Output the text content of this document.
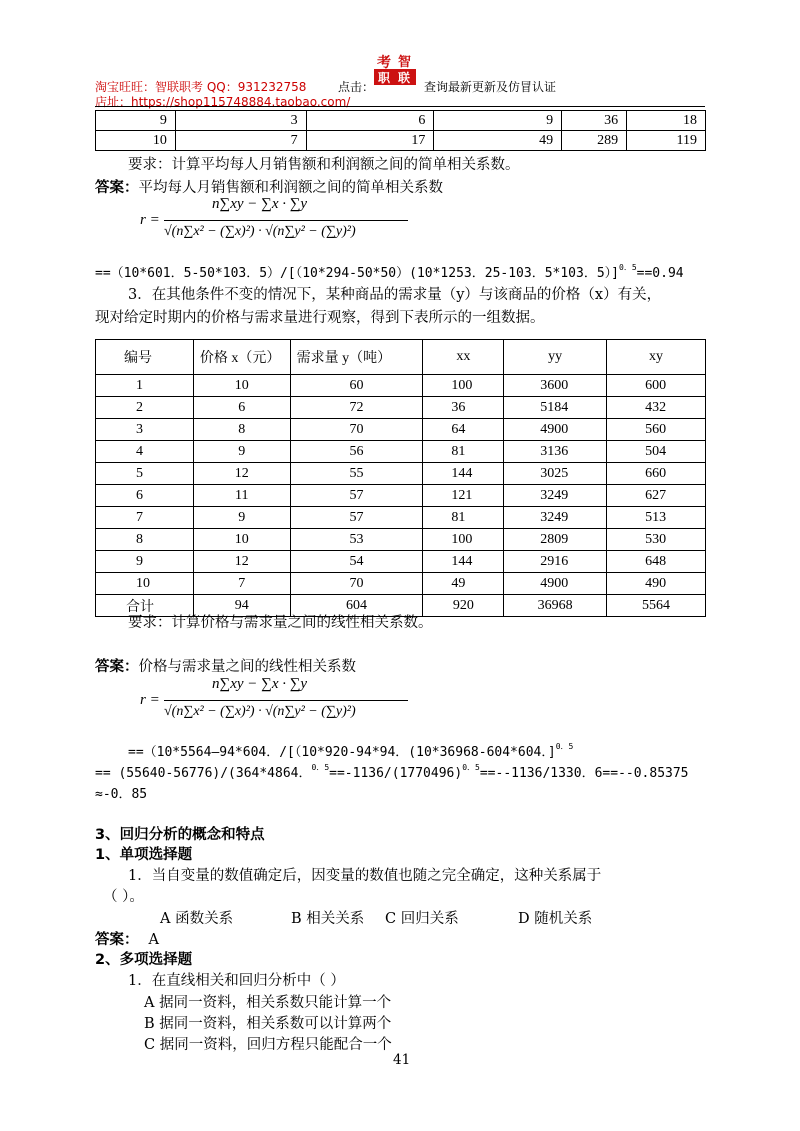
淘宝旺旺：智联职考 QQ：931232758	点击：
考 智
职 联
查询最新更新及仿冒认证
店址：https://shop115748884.taobao.com/
9	3	6	9	36	18
10	7	17	49	289	119
要求：计算平均每人月销售额和利润额之间的简单相关系数。
答案：平均每人月销售额和利润额之间的简单相关系数
r =
n∑xy − ∑x · ∑y
√(n∑x² − (∑x)²) · √(n∑y² − (∑y)²)
==（10*601．5-50*103．5）/[（10*294-50*50）(10*1253．25-103．5*103．5）]$^{0.5}$==0.94
3．在其他条件不变的情况下，某种商品的需求量（y）与该商品的价格（x）有关，
现对给定时期内的价格与需求量进行观察，得到下表所示的一组数据。
编号	价格 x（元）	需求量 y（吨）	xx	yy	xy
1	10	60	100	3600	600
2	6	72	36	5184	432
3	8	70	64	4900	560
4	9	56	81	3136	504
5	12	55	144	3025	660
6	11	57	121	3249	627
7	9	57	81	3249	513
8	10	53	100	2809	530
9	12	54	144	2916	648
10	7	70	49	4900	490
合计	94	604	920	36968	5564
要求：计算价格与需求量之间的线性相关系数。
答案：价格与需求量之间的线性相关系数
r =
n∑xy − ∑x · ∑y
√(n∑x² − (∑x)²) · √(n∑y² − (∑y)²)
==（10*5564—94*604．/[（10*920-94*94．(10*36968-604*604．]$^{0.5}$
== (55640-56776)/(364*4864．$^{0.5}==-1136/(1770496)^{0.5}==--1136/1330$．6==--0.85375
≈-0．85
3、回归分析的概念和特点
1、单项选择题
1．当自变量的数值确定后，因变量的数值也随之完全确定，这种关系属于
（ ）。
A 函数关系	B 相关关系 C 回归关系	D 随机关系
答案： A
2、多项选择题
1．在直线相关和回归分析中（ ）
A 据同一资料，相关系数只能计算一个
B 据同一资料，相关系数可以计算两个
C 据同一资料，回归方程只能配合一个
41
